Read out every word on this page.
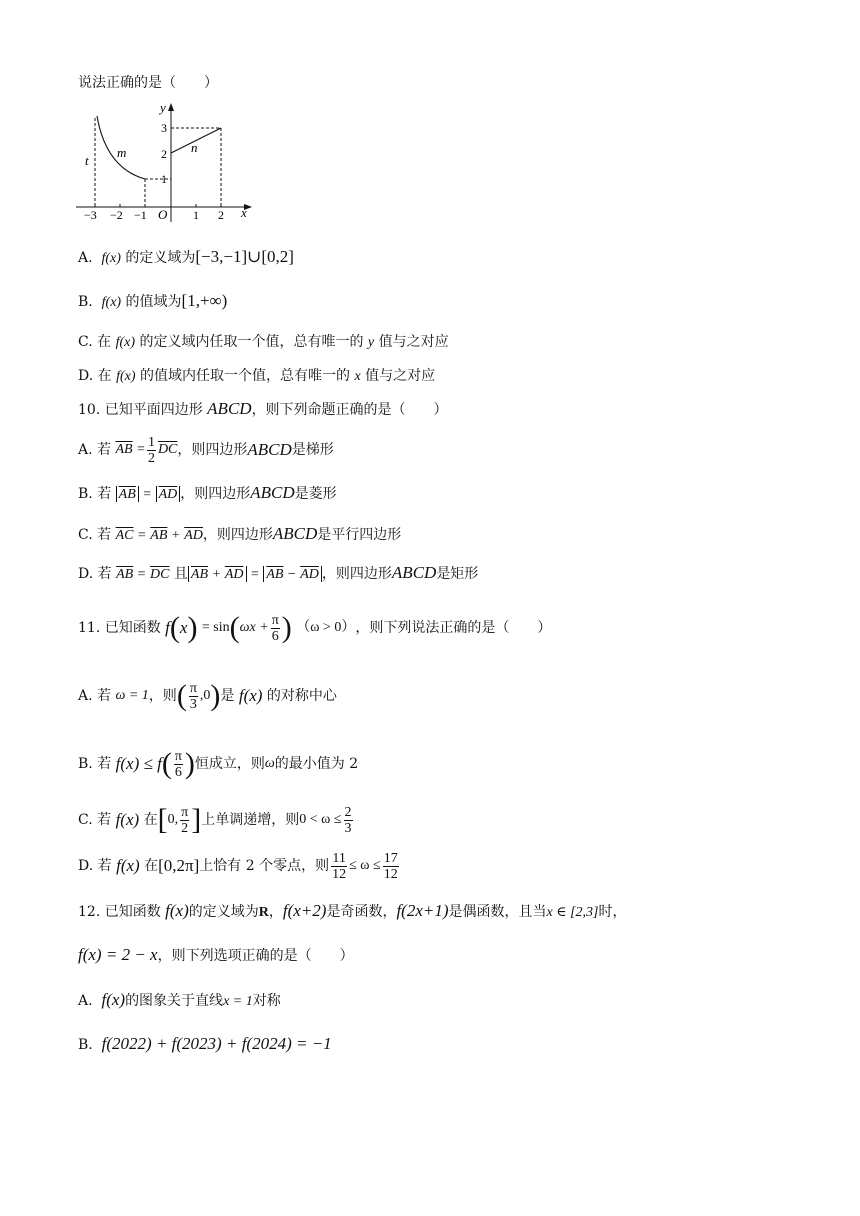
说法正确的是（　　）
y
x
O
−3 −2 −1	1 2
1
2
3
t
m	n
A. f(x) 的定义域为[−3,−1]∪[0,2]
B. f(x) 的值域为[1,+∞)
C. 在 f(x) 的定义域内任取一个值，总有唯一的 y 值与之对应
D. 在 f(x) 的值域内任取一个值，总有唯一的 x 值与之对应
10. 已知平面四边形 ABCD，则下列命题正确的是（　　）
A. 若
$\overline{AB}$
= $\frac{1}{2} \overline{DC}$ ，则四边形 ABCD 是梯形
B. 若 $\overline{AB} = \overline{AD}$ ，则四边形ABCD是菱形
C. 若 $\overline{AC} = \overline{AB} + \overline{AD}$，则四边形ABCD是平行四边形
D. 若 $\overline{AB} = \overline{DC}$ 且 $\overline{AB} + \overline{AD} = \overline{AB} - \overline{AD}$ ，则四边形ABCD是矩形
11. 已知函数
f ( x )
= sin ( $\omega x + \frac{\pi}{6}$ )
（ω > 0） ，则下列说法正确的是（　　）
A. 若
ω = 1 ，则 ( $\frac{\pi}{3} ,0$ ) 是
f(x)
的对称中心
B. 若
f(x) ≤ f ( $\frac{\pi}{6}$ ) 恒成立，则 ω 的最小值为 2
C. 若
f(x)
在 [ 0, $\frac{\pi}{2}$ ] 上单调递增，则 $0 < \omega \le \frac{2}{3}$
D. 若
f(x)
在 [0,2π] 上恰有 2 个零点，则 $\frac{11}{12} \le \omega \le \frac{17}{12}$
12. 已知函数 f(x)的定义域为R，f(x+2)是奇函数，f(2x+1)是偶函数，且当x ∈ [2,3]时，
f(x) = 2 − x，则下列选项正确的是（　　）
A. f(x)的图象关于直线x = 1对称
B. f(2022) + f(2023) + f(2024) = −1
